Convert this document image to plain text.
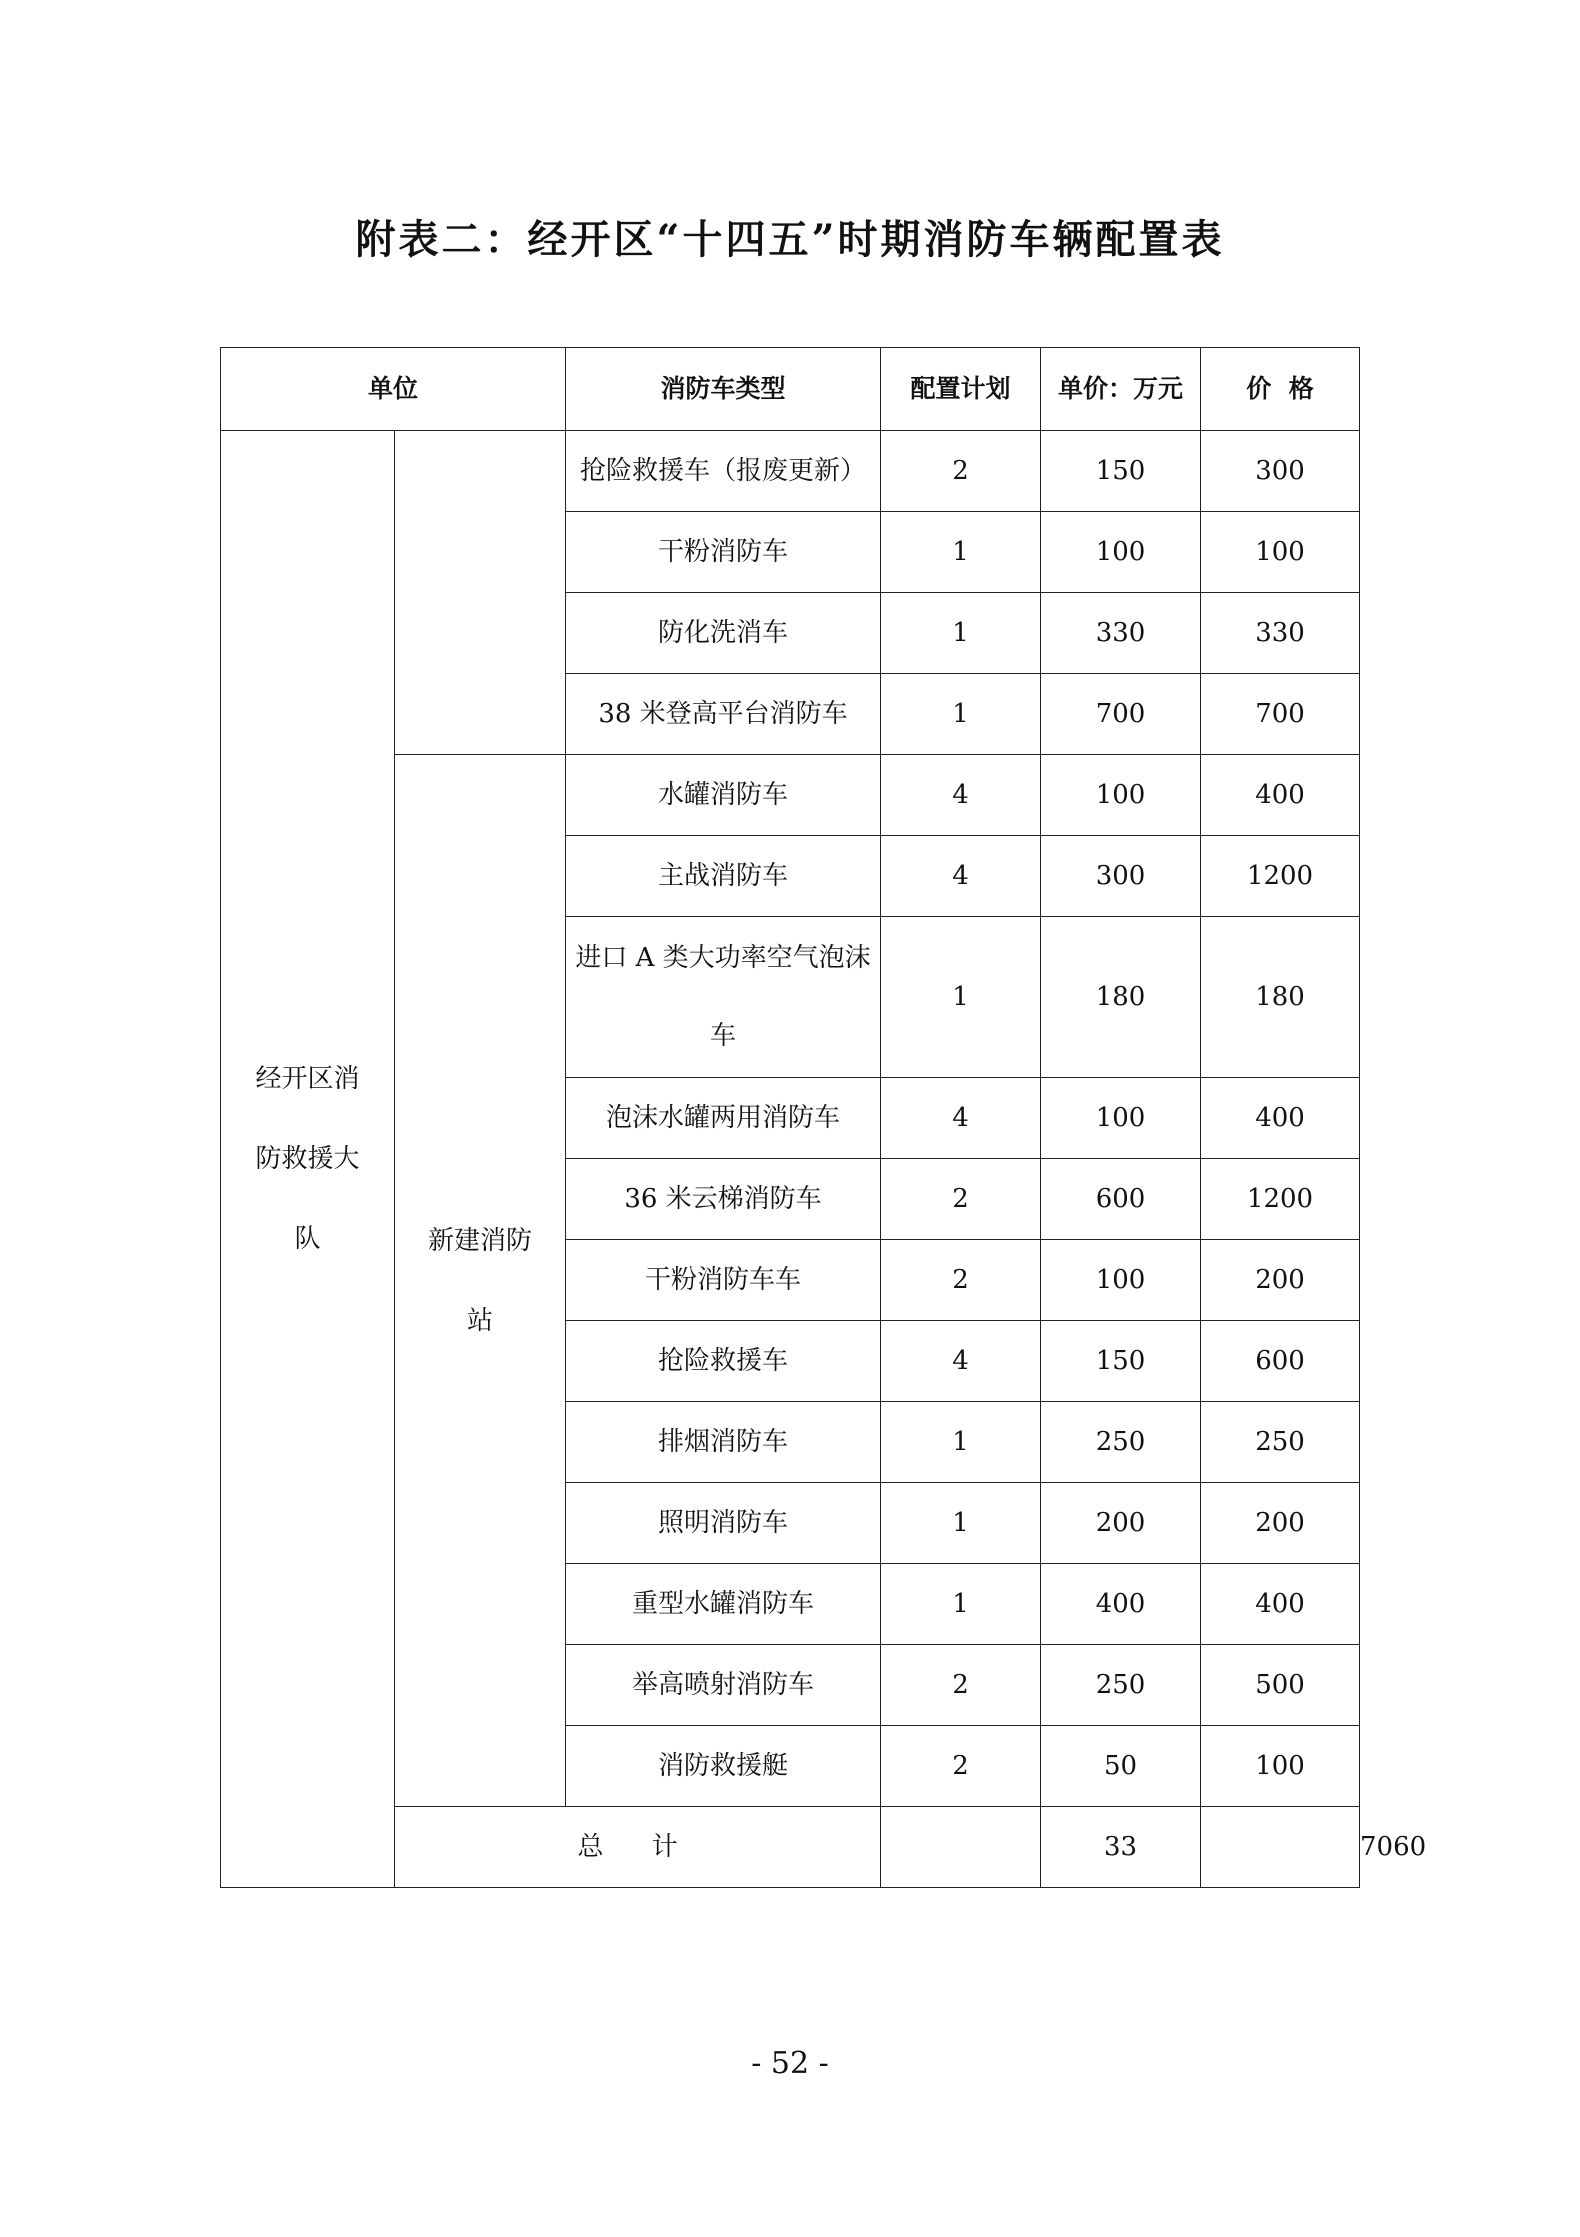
附表二：经开区“十四五”时期消防车辆配置表
单位		消防车类型	配置计划	单价：万元	价  格	
经开区消防救援大队		抢险救援车（报废更新）	2	150	300	
		干粉消防车	1	100	100	
		防化洗消车	1	330	330	
		38 米登高平台消防车	1	700	700	
	新建消防站	水罐消防车	4	100	400	
		主战消防车	4	300	1200	
		进口 A 类大功率空气泡沫车	1	180	180	
		泡沫水罐两用消防车	4	100	400	
		36 米云梯消防车	2	600	1200	
		干粉消防车车	2	100	200	
		抢险救援车	4	150	600	
		排烟消防车	1	250	250	
		照明消防车	1	200	200	
		重型水罐消防车	1	400	400	
		举高喷射消防车	2	250	500	
		消防救援艇	2	50	100	
	总 计			33		7060
- 52 -
